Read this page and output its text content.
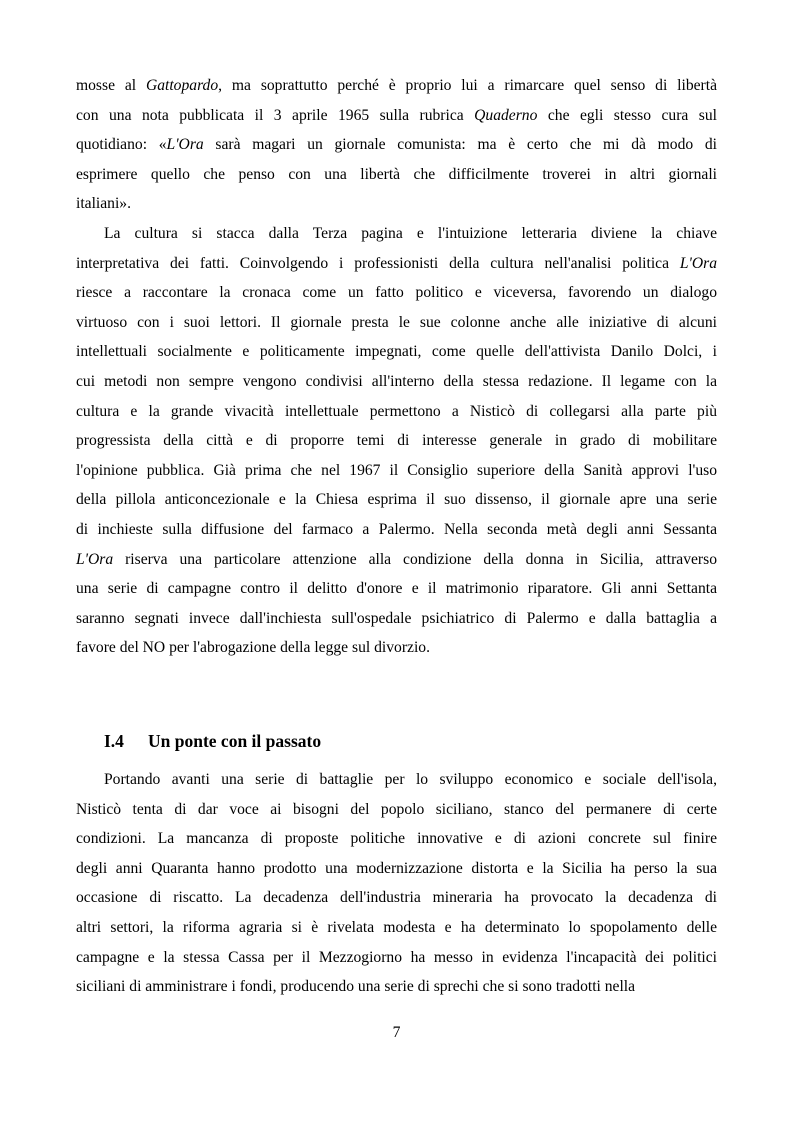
mosse al Gattopardo, ma soprattutto perché è proprio lui a rimarcare quel senso di libertà
con una nota pubblicata il 3 aprile 1965 sulla rubrica Quaderno che egli stesso cura sul
quotidiano: «L'Ora sarà magari un giornale comunista: ma è certo che mi dà modo di
esprimere quello che penso con una libertà che difficilmente troverei in altri giornali
italiani».
La cultura si stacca dalla Terza pagina e l'intuizione letteraria diviene la chiave
interpretativa dei fatti. Coinvolgendo i professionisti della cultura nell'analisi politica L'Ora
riesce a raccontare la cronaca come un fatto politico e viceversa, favorendo un dialogo
virtuoso con i suoi lettori. Il giornale presta le sue colonne anche alle iniziative di alcuni
intellettuali socialmente e politicamente impegnati, come quelle dell'attivista Danilo Dolci, i
cui metodi non sempre vengono condivisi all'interno della stessa redazione. Il legame con la
cultura e la grande vivacità intellettuale permettono a Nisticò di collegarsi alla parte più
progressista della città e di proporre temi di interesse generale in grado di mobilitare
l'opinione pubblica. Già prima che nel 1967 il Consiglio superiore della Sanità approvi l'uso
della pillola anticoncezionale e la Chiesa esprima il suo dissenso, il giornale apre una serie
di inchieste sulla diffusione del farmaco a Palermo. Nella seconda metà degli anni Sessanta
L'Ora riserva una particolare attenzione alla condizione della donna in Sicilia, attraverso
una serie di campagne contro il delitto d'onore e il matrimonio riparatore. Gli anni Settanta
saranno segnati invece dall'inchiesta sull'ospedale psichiatrico di Palermo e dalla battaglia a
favore del NO per l'abrogazione della legge sul divorzio.
I.4 Un ponte con il passato
Portando avanti una serie di battaglie per lo sviluppo economico e sociale dell'isola,
Nisticò tenta di dar voce ai bisogni del popolo siciliano, stanco del permanere di certe
condizioni. La mancanza di proposte politiche innovative e di azioni concrete sul finire
degli anni Quaranta hanno prodotto una modernizzazione distorta e la Sicilia ha perso la sua
occasione di riscatto. La decadenza dell'industria mineraria ha provocato la decadenza di
altri settori, la riforma agraria si è rivelata modesta e ha determinato lo spopolamento delle
campagne e la stessa Cassa per il Mezzogiorno ha messo in evidenza l'incapacità dei politici
siciliani di amministrare i fondi, producendo una serie di sprechi che si sono tradotti nella
7
